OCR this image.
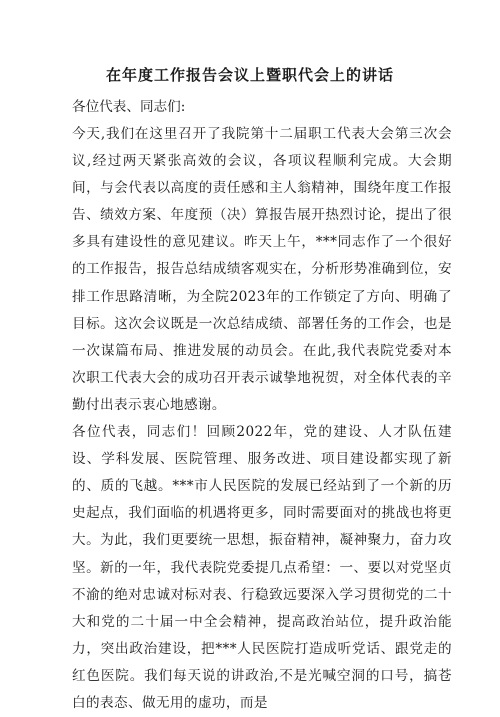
在年度工作报告会议上暨职代会上的讲话

各位代表、同志们:

今天,我们在这里召开了我院第十二届职工代表大会第三次会议,经过两天紧张高效的会议，各项议程顺利完成。大会期间，与会代表以高度的责任感和主人翁精神，围绕年度工作报告、绩效方案、年度预（决）算报告展开热烈讨论，提出了很多具有建设性的意见建议。昨天上午，***同志作了一个很好的工作报告，报告总结成绩客观实在，分析形势准确到位，安排工作思路清晰，为全院2023年的工作锁定了方向、明确了目标。这次会议既是一次总结成绩、部署任务的工作会，也是一次谋篇布局、推进发展的动员会。在此,我代表院党委对本次职工代表大会的成功召开表示诚挚地祝贺，对全体代表的辛勤付出表示衷心地感谢。

各位代表，同志们！回顾2022年，党的建设、人才队伍建设、学科发展、医院管理、服务改进、项目建设都实现了新的、质的飞越。***市人民医院的发展已经站到了一个新的历史起点，我们面临的机遇将更多，同时需要面对的挑战也将更大。为此，我们更要统一思想，振奋精神，凝神聚力，奋力攻坚。新的一年，我代表院党委提几点希望：一、要以对党坚贞不渝的绝对忠诚对标对表、行稳致远要深入学习贯彻党的二十大和党的二十届一中全会精神，提高政治站位，提升政治能力，突出政治建设，把***人民医院打造成听党话、跟党走的红色医院。我们每天说的讲政治,不是光喊空洞的口号，搞苍白的表态、做无用的虚功，而是
